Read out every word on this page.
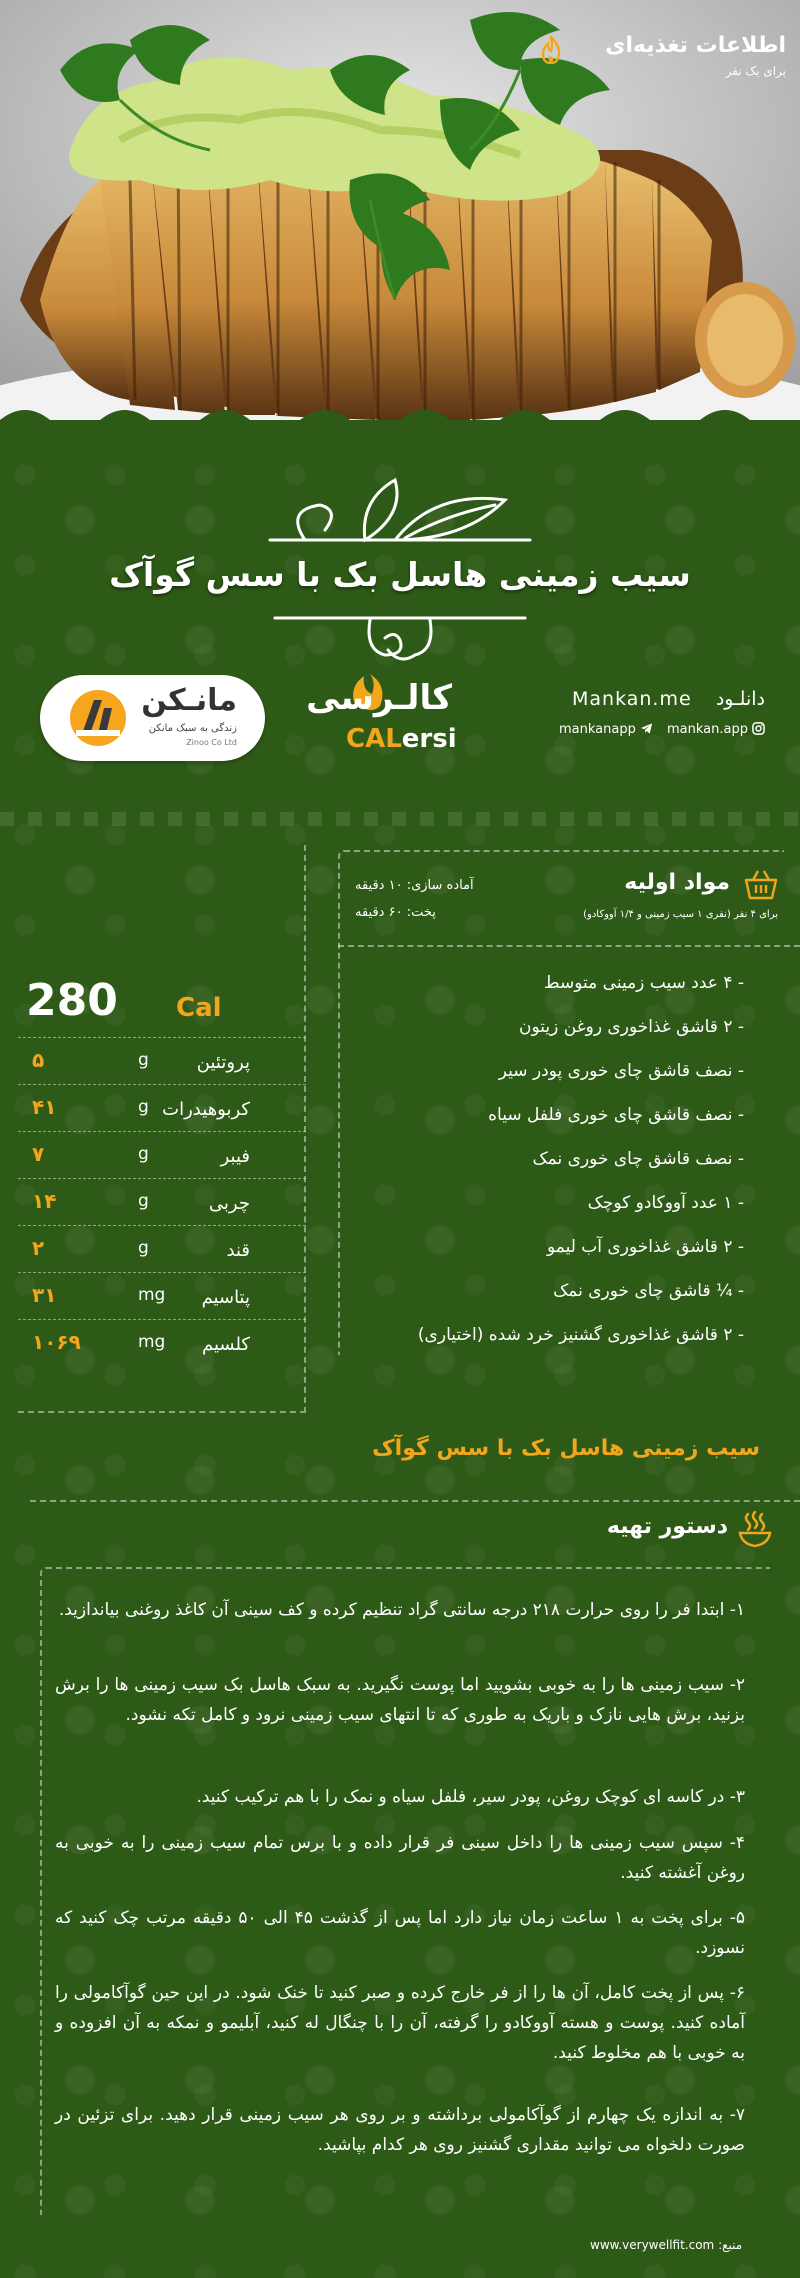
سیب زمینی هاسل بک با سس گوآک
مانـکن
زندگی به سبک مانکن
Zinoo Co Ltd
کالـرسی
CALersi
دانلـود    Mankan.me
mankan.app mankanapp
اطلاعات تغذیه‌ای
برای یک نفر
280 Cal
پروتئین
g
۵
کربوهیدرات
g
۴۱
فیبر
g
۷
چربی
g
۱۴
قند
g
۲
پتاسیم
mg
۳۱
کلسیم
mg
۱۰۶۹
مواد اولیه
برای ۴ نفر (نفری ۱ سیب زمینی و ۱/۴ آووکادو)
آماده سازی: ۱۰ دقیقه
پخت: ۶۰ دقیقه
- ۴ عدد سیب زمینی متوسط
- ۲ قاشق غذاخوری روغن زیتون
- نصف قاشق چای خوری پودر سیر
- نصف قاشق چای خوری فلفل سیاه
- نصف قاشق چای خوری نمک
- ۱ عدد آووکادو کوچک
- ۲ قاشق غذاخوری آب لیمو
- ¼ قاشق چای خوری نمک
- ۲ قاشق غذاخوری گشنیز خرد شده (اختیاری)
سیب زمینی هاسل بک با سس گوآک
دستور تهیه
۱- ابتدا فر را روی حرارت ۲۱۸ درجه سانتی گراد تنظیم کرده و کف سینی آن کاغذ روغنی بیاندازید.
۲- سیب زمینی ها را به خوبی بشویید اما پوست نگیرید. به سبک هاسل بک سیب زمینی ها را برش بزنید، برش هایی نازک و باریک به طوری که تا انتهای سیب زمینی نرود و کامل تکه نشود.
۳- در کاسه ای کوچک روغن، پودر سیر، فلفل سیاه و نمک را با هم ترکیب کنید.
۴- سپس سیب زمینی ها را داخل سینی فر قرار داده و با برس تمام سیب زمینی را به خوبی به روغن آغشته کنید.
۵- برای پخت به ۱ ساعت زمان نیاز دارد اما پس از گذشت ۴۵ الی ۵۰ دقیقه مرتب چک کنید که نسوزد.
۶- پس از پخت کامل، آن ها را از فر خارج کرده و صبر کنید تا خنک شود. در این حین گوآکامولی را آماده کنید. پوست و هسته آووکادو را گرفته، آن را با چنگال له کنید، آبلیمو و نمکه به آن افزوده و به خوبی با هم مخلوط کنید.
۷- به اندازه یک چهارم از گوآکامولی برداشته و بر روی هر سیب زمینی قرار دهید. برای تزئین در صورت دلخواه می توانید مقداری گشنیز روی هر کدام بپاشید.
منبع: www.verywellfit.com
